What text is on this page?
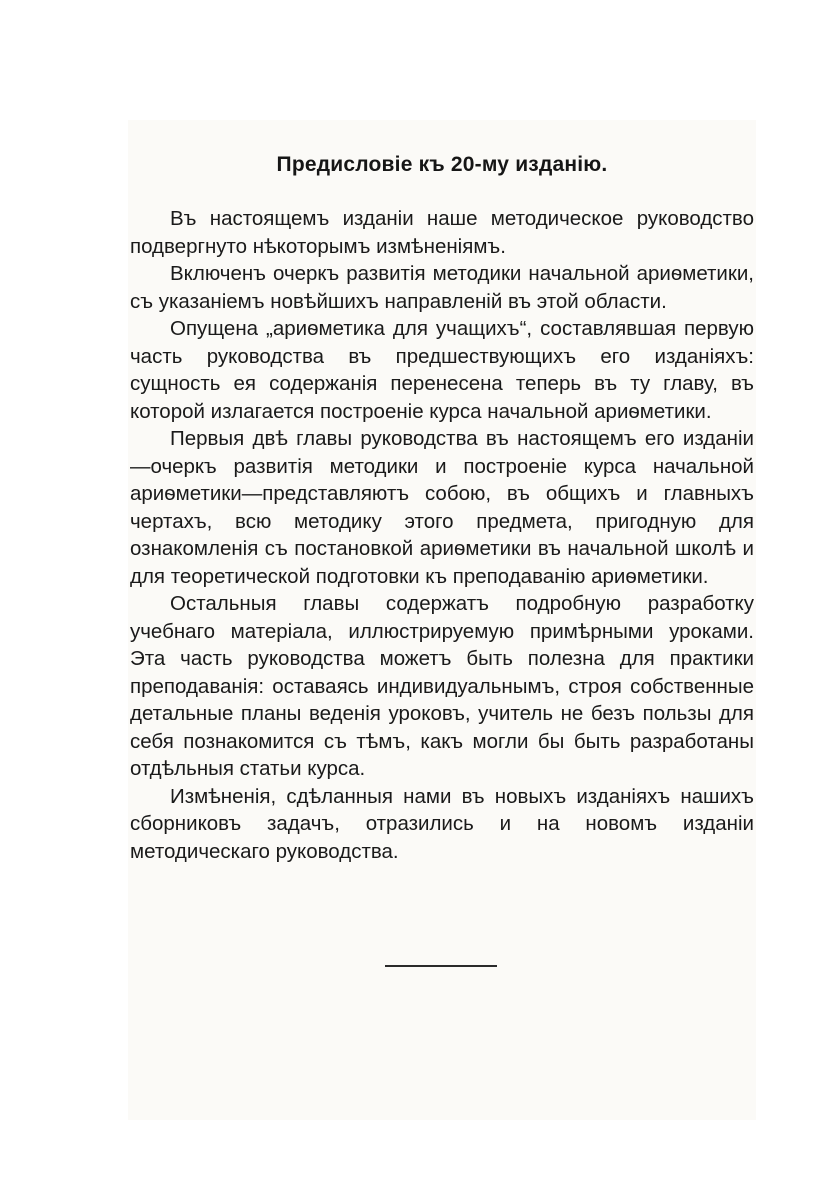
Предисловіе къ 20-му изданію.

Въ настоящемъ изданіи наше методическое руководство подвергнуто нѣкоторымъ измѣненіямъ.

Включенъ очеркъ развитія методики начальной ариѳметики, съ указаніемъ новѣйшихъ направленій въ этой области.

Опущена „ариѳметика для учащихъ“, составлявшая первую часть руководства въ предшествующихъ его изданіяхъ: сущность ея содержанія перенесена теперь въ ту главу, въ которой излагается построеніе курса начальной ариѳметики.

Первыя двѣ главы руководства въ настоящемъ его изданіи—очеркъ развитія методики и построеніе курса начальной ариѳметики—представляютъ собою, въ общихъ и главныхъ чертахъ, всю методику этого предмета, пригодную для ознакомленія съ постановкой ариѳметики въ начальной школѣ и для теоретической подготовки къ преподаванію ариѳметики.

Остальныя главы содержатъ подробную разработку учебнаго матеріала, иллюстрируемую примѣрными уроками. Эта часть руководства можетъ быть полезна для практики преподаванія: оставаясь индивидуальнымъ, строя собственные детальные планы веденія уроковъ, учитель не безъ пользы для себя познакомится съ тѣмъ, какъ могли бы быть разработаны отдѣльныя статьи курса.

Измѣненія, сдѣланныя нами въ новыхъ изданіяхъ нашихъ сборниковъ задачъ, отразились и на новомъ изданіи методическаго руководства.
